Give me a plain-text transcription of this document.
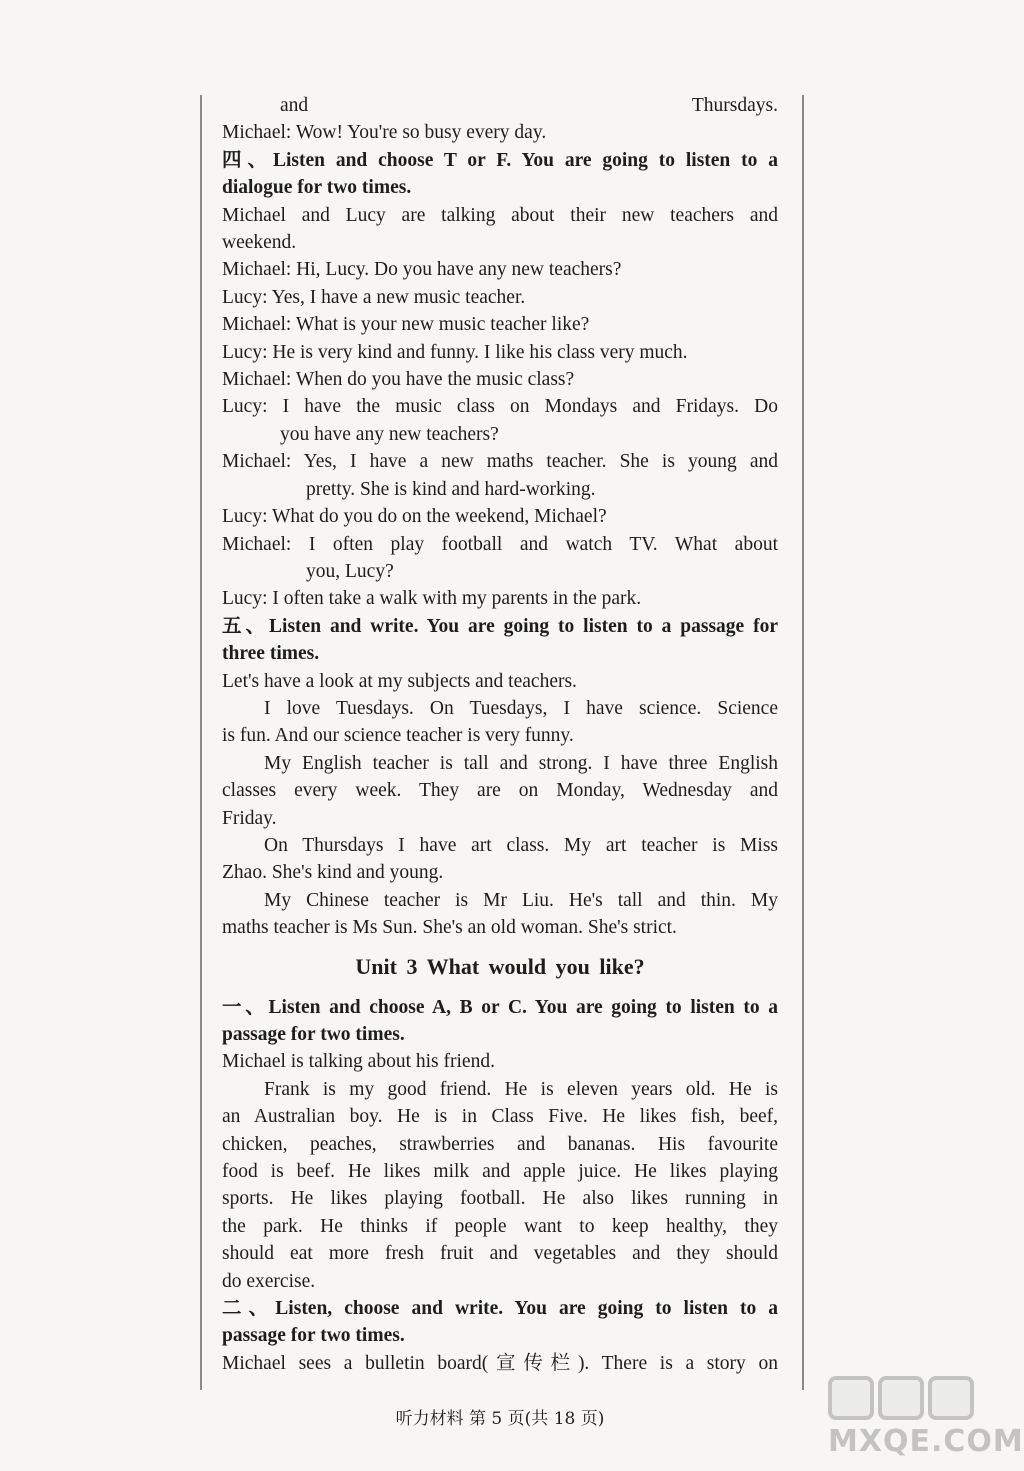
and Thursdays.
Michael: Wow! You're so busy every day.
四、Listen and choose T or F. You are going to listen to a
dialogue for two times.
Michael and Lucy are talking about their new teachers and
weekend.
Michael: Hi, Lucy. Do you have any new teachers?
Lucy: Yes, I have a new music teacher.
Michael: What is your new music teacher like?
Lucy: He is very kind and funny. I like his class very much.
Michael: When do you have the music class?
Lucy: I have the music class on Mondays and Fridays. Do
you have any new teachers?
Michael: Yes, I have a new maths teacher. She is young and
pretty. She is kind and hard-working.
Lucy: What do you do on the weekend, Michael?
Michael: I often play football and watch TV. What about
you, Lucy?
Lucy: I often take a walk with my parents in the park.
五、Listen and write. You are going to listen to a passage for
three times.
Let's have a look at my subjects and teachers.
I love Tuesdays. On Tuesdays, I have science. Science
is fun. And our science teacher is very funny.
My English teacher is tall and strong. I have three English
classes every week. They are on Monday, Wednesday and
Friday.
On Thursdays I have art class. My art teacher is Miss
Zhao. She's kind and young.
My Chinese teacher is Mr Liu. He's tall and thin. My
maths teacher is Ms Sun. She's an old woman. She's strict.
Unit 3 What would you like?
一、Listen and choose A, B or C. You are going to listen to a
passage for two times.
Michael is talking about his friend.
Frank is my good friend. He is eleven years old. He is
an Australian boy. He is in Class Five. He likes fish, beef,
chicken, peaches, strawberries and bananas. His favourite
food is beef. He likes milk and apple juice. He likes playing
sports. He likes playing football. He also likes running in
the park. He thinks if people want to keep healthy, they
should eat more fresh fruit and vegetables and they should
do exercise.
二、Listen, choose and write. You are going to listen to a
passage for two times.
Michael sees a bulletin board(宣传栏). There is a story on
听力材料 第 5 页(共 18 页)
MXQE.COM
